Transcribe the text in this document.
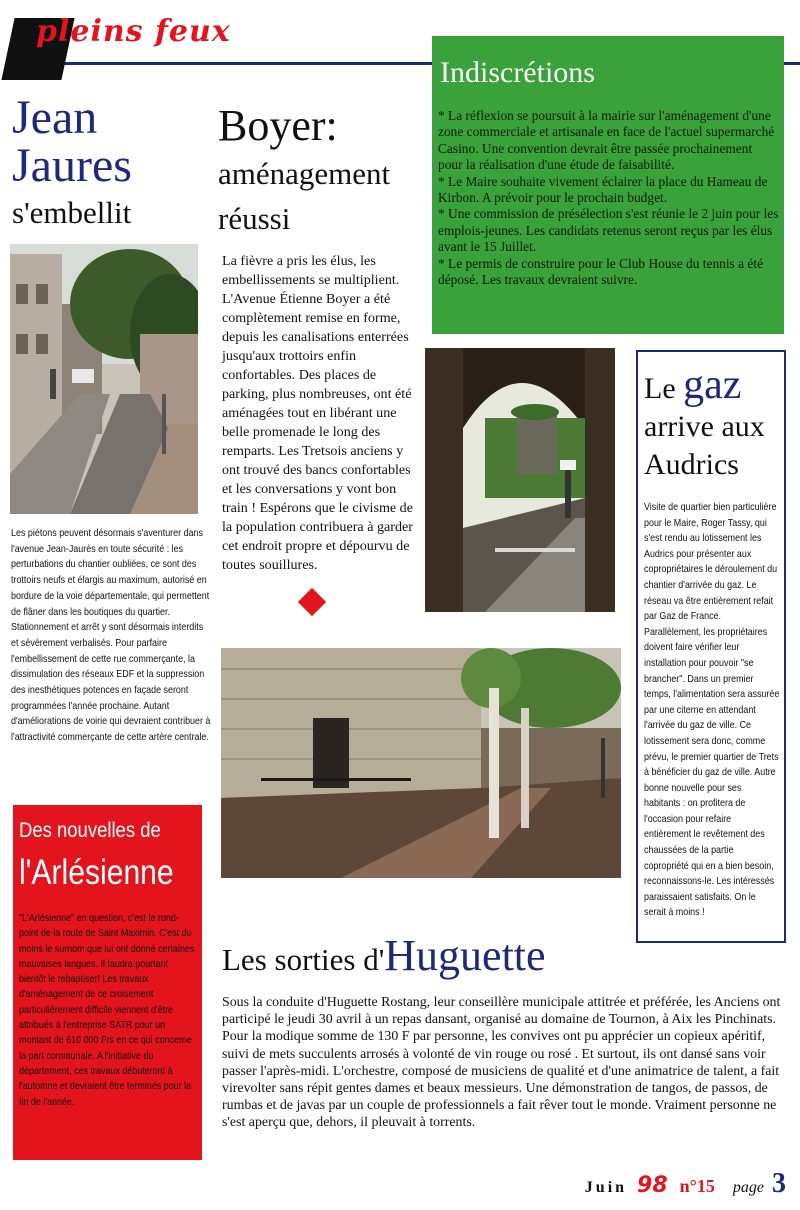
pleins feux
Jean
Jaures
s'embellit
Les piétons peuvent désormais s'aventurer dans l'avenue Jean-Jaurès en toute sécurité : les perturbations du chantier oubliées, ce sont des trottoirs neufs et élargis au maximum, autorisé en bordure de la voie départementale, qui permettent de flâner dans les boutiques du quartier. Stationnement et arrêt y sont désormais interdits et sévèrement verbalisés. Pour parfaire l'embellissement de cette rue commerçante, la dissimulation des réseaux EDF et la suppression des inesthétiques potences en façade seront programmées l'année prochaine. Autant d'améliorations de voirie qui devraient contribuer à l'attractivité commerçante de cette artère centrale.
Boyer:
aménagement
réussi
La fièvre a pris les élus, les embellissements se multiplient. L'Avenue Étienne Boyer a été complètement remise en forme, depuis les canalisations enterrées jusqu'aux trottoirs enfin confortables. Des places de parking, plus nombreuses, ont été aménagées tout en libérant une belle promenade le long des remparts. Les Tretsois anciens y ont trouvé des bancs confortables et les conversations y vont bon train ! Espérons que le civisme de la population contribuera à garder cet endroit propre et dépourvu de toutes souillures.
Indiscrétions
* La réflexion se poursuit à la mairie sur l'aménagement d'une zone commerciale et artisanale en face de l'actuel supermarché Casino. Une convention devrait être passée prochainement pour la réalisation d'une étude de faisabilité.
* Le Maire souhaite vivement éclairer la place du Hameau de Kirbon. A prévoir pour le prochain budget.
* Une commission de présélection s'est réunie le 2 juin pour les emplois-jeunes. Les candidats retenus seront reçus par les élus avant le 15 Juillet.
* Le permis de construire pour le Club House du tennis a été déposé. Les travaux devraient suivre.
Le gaz
arrive aux
Audrics
Visite de quartier bien particulière pour le Maire, Roger Tassy, qui s'est rendu au lotissement les Audrics pour présenter aux copropriétaires le déroulement du chantier d'arrivée du gaz. Le réseau va être entièrement refait par Gaz de France. Parallèlement, les propriétaires doivent faire vérifier leur installation pour pouvoir "se brancher". Dans un premier temps, l'alimentation sera assurée par une citerne en attendant l'arrivée du gaz de ville. Ce lotissement sera donc, comme prévu, le premier quartier de Trets à bénéficier du gaz de ville. Autre bonne nouvelle pour ses habitants : on profitera de l'occasion pour refaire entièrement le revêtement des chaussées de la partie copropriété qui en a bien besoin, reconnaissons-le. Les intéressés paraissaient satisfaits. On le serait à moins !
Des nouvelles de
l'Arlésienne
"L'Arlésienne" en question, c'est le rond- point de la route de Saint Maximin. C'est du moins le surnom que lui ont donné certaines mauvaises langues. Il faudra pourtant bientôt le rebaptiser! Les travaux d'aménagement de ce croisement particulièrement difficile viennent d'être attribués à l'entreprise SATR pour un montant de 610 000 Frs en ce qui concerne la part communale. A l'initiative du département, ces travaux débuteront à l'automne et devraient être terminés pour la fin de l'année.
Les sorties d'Huguette
Sous la conduite d'Huguette Rostang, leur conseillère municipale attitrée et préférée, les Anciens ont participé le jeudi 30 avril à un repas dansant, organisé au domaine de Tournon, à Aix les Pinchinats. Pour la modique somme de 130 F par personne, les convives ont pu apprécier un copieux apéritif, suivi de mets succulents arrosés à volonté de vin rouge ou rosé . Et surtout, ils ont dansé sans voir passer l'après-midi. L'orchestre, composé de musiciens de qualité et d'une animatrice de talent, a fait virevolter sans répit gentes dames et beaux messieurs. Une démonstration de tangos, de passos, de rumbas et de javas par un couple de professionnels a fait rêver tout le monde. Vraiment personne ne s'est aperçu que, dehors, il pleuvait à torrents.
Juin 98 n°15 page 3
